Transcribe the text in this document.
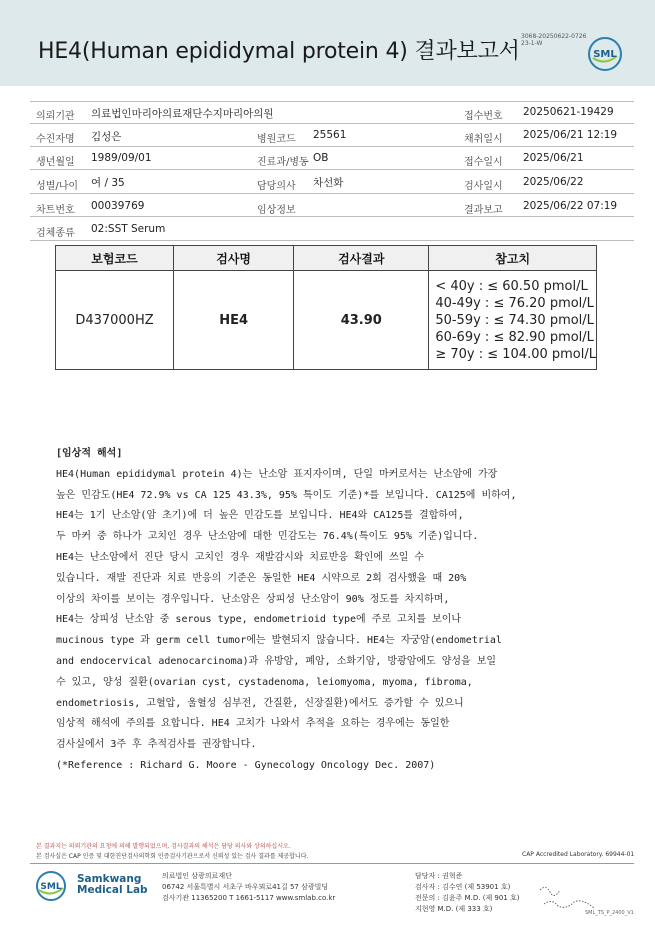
HE4(Human epididymal protein 4) 결과보고서
3068-20250622-0726
23-1-W
SML
의뢰기관 의료법인마리아의료재단수지마리아의원	접수번호 20250621-19429
수진자명 김성은	병원코드 25561	채취일시 2025/06/21 12:19
생년월일 1989/09/01	진료과/병동 OB	접수일시 2025/06/21
성별/나이 여 / 35	담당의사 차선화	검사일시 2025/06/22
차트번호 00039769	임상정보	결과보고 2025/06/22 07:19
검체종류 02:SST Serum
보험코드	검사명	검사결과	참고치
D437000HZ	HE4	43.90	< 40y : ≤ 60.50 pmol/L
40-49y : ≤ 76.20 pmol/L
50-59y : ≤ 74.30 pmol/L
60-69y : ≤ 82.90 pmol/L
≥ 70y : ≤ 104.00 pmol/L
[임상적 해석]
HE4(Human epididymal protein 4)는 난소암 표지자이며, 단일 마커로서는 난소암에 가장
높은 민감도(HE4 72.9% vs CA 125 43.3%, 95% 특이도 기준)*를 보입니다. CA125에 비하여,
HE4는 1기 난소암(암 초기)에 더 높은 민감도를 보입니다. HE4와 CA125를 결합하여,
두 마커 중 하나가 고치인 경우 난소암에 대한 민감도는 76.4%(특이도 95% 기준)입니다.
HE4는 난소암에서 진단 당시 고치인 경우 재발감시와 치료반응 확인에 쓰일 수
있습니다. 재발 진단과 치료 반응의 기준은 동일한 HE4 시약으로 2회 검사했을 때 20%
이상의 차이를 보이는 경우입니다. 난소암은 상피성 난소암이 90% 정도를 차지하며,
HE4는 상피성 난소암 중 serous type, endometrioid type에 주로 고치를 보이나
mucinous type 과 germ cell tumor에는 발현되지 않습니다. HE4는 자궁암(endometrial
and endocervical adenocarcinoma)과 유방암, 폐암, 소화기암, 방광암에도 양성을 보일
수 있고, 양성 질환(ovarian cyst, cystadenoma, leiomyoma, myoma, fibroma,
endometriosis, 고혈압, 울혈성 심부전, 간질환, 신장질환)에서도 증가할 수 있으니
임상적 해석에 주의를 요합니다. HE4 고치가 나와서 추적을 요하는 경우에는 동일한
검사실에서 3주 후 추적검사를 권장합니다.
(*Reference : Richard G. Moore - Gynecology Oncology Dec. 2007)
본 결과지는 의뢰기관의 요청에 의해 발행되었으며, 검사결과의 해석은 담당 의사와 상의하십시오.
본 검사실은 CAP 인증 및 대한진단검사의학회 인증검사기관으로서 신뢰성 있는 검사 결과를 제공합니다.	CAP Accredited Laboratory. 69944-01
SML
Samkwang
Medical Lab
의료법인 삼광의료재단
06742 서울특별시 서초구 바우뫼로41길 57 삼광빌딩
검사기관 11365200 T 1661-5117 www.smlab.co.kr
담당자 : 권혁준
검사자 : 김수연 (제 53901 호)
전문의 : 김윤주 M.D. (제 901 호)
지현영 M.D. (제 333 호)	SML_TS_P_2400_V1
